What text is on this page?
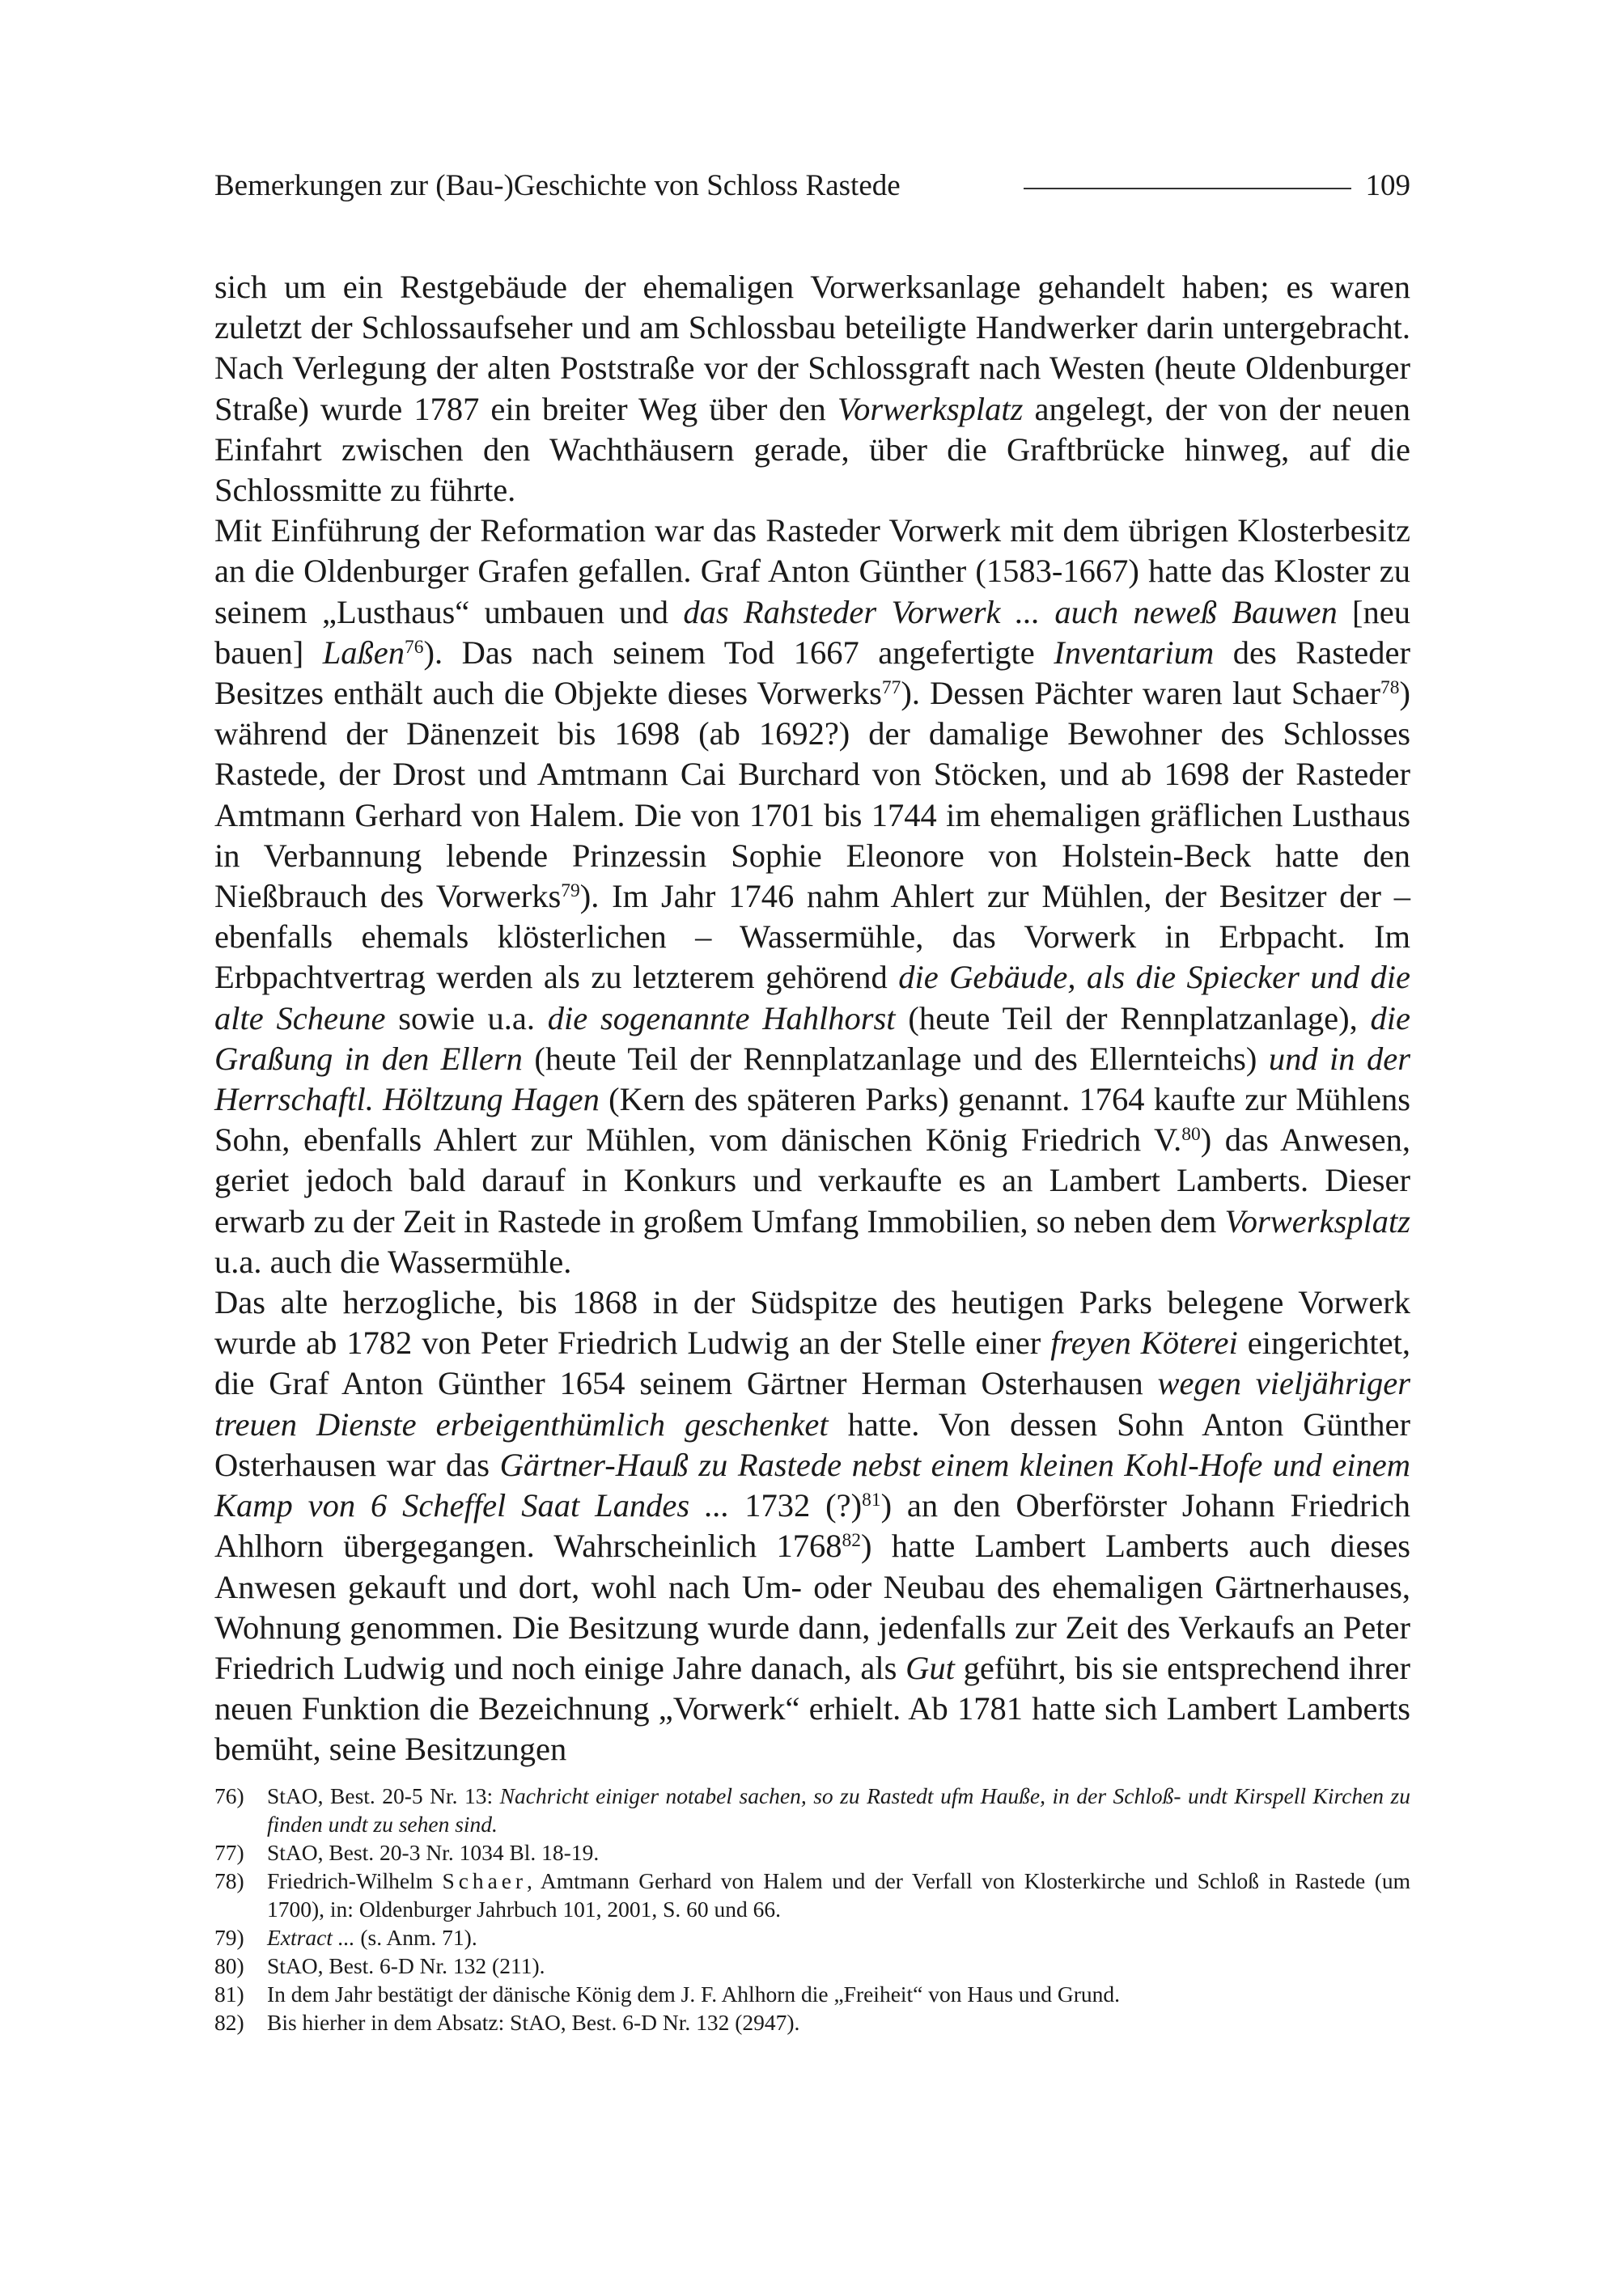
Bemerkungen zur (Bau-)Geschichte von Schloss Rastede	109

sich um ein Restgebäude der ehemaligen Vorwerksanlage gehandelt haben; es waren zuletzt der Schlossaufseher und am Schlossbau beteiligte Handwerker darin untergebracht. Nach Verlegung der alten Poststraße vor der Schlossgraft nach Westen (heute Oldenburger Straße) wurde 1787 ein breiter Weg über den Vorwerksplatz angelegt, der von der neuen Einfahrt zwischen den Wachthäusern gerade, über die Graftbrücke hinweg, auf die Schlossmitte zu führte.

Mit Einführung der Reformation war das Rasteder Vorwerk mit dem übrigen Klosterbesitz an die Oldenburger Grafen gefallen. Graf Anton Günther (1583-1667) hatte das Kloster zu seinem „Lusthaus“ umbauen und das Rahsteder Vorwerk ... auch neweß Bauwen [neu bauen] Laßen$^{76}$). Das nach seinem Tod 1667 angefertigte Inventarium des Rasteder Besitzes enthält auch die Objekte dieses Vorwerks$^{77}$). Dessen Pächter waren laut Schaer$^{78}$) während der Dänenzeit bis 1698 (ab 1692?) der damalige Bewohner des Schlosses Rastede, der Drost und Amtmann Cai Burchard von Stöcken, und ab 1698 der Rasteder Amtmann Gerhard von Halem. Die von 1701 bis 1744 im ehemaligen gräflichen Lusthaus in Verbannung lebende Prinzessin Sophie Eleonore von Holstein-Beck hatte den Nießbrauch des Vorwerks$^{79}$). Im Jahr 1746 nahm Ahlert zur Mühlen, der Besitzer der – ebenfalls ehemals klösterlichen – Wassermühle, das Vorwerk in Erbpacht. Im Erbpachtvertrag werden als zu letzterem gehörend die Gebäude, als die Spiecker und die alte Scheune sowie u.a. die sogenannte Hahlhorst (heute Teil der Rennplatzanlage), die Graßung in den Ellern (heute Teil der Rennplatzanlage und des Ellernteichs) und in der Herrschaftl. Höltzung Hagen (Kern des späteren Parks) genannt. 1764 kaufte zur Mühlens Sohn, ebenfalls Ahlert zur Mühlen, vom dänischen König Friedrich V.$^{80}$) das Anwesen, geriet jedoch bald darauf in Konkurs und verkaufte es an Lambert Lamberts. Dieser erwarb zu der Zeit in Rastede in großem Umfang Immobilien, so neben dem Vorwerksplatz u.a. auch die Wassermühle.

Das alte herzogliche, bis 1868 in der Südspitze des heutigen Parks belegene Vorwerk wurde ab 1782 von Peter Friedrich Ludwig an der Stelle einer freyen Köterei eingerichtet, die Graf Anton Günther 1654 seinem Gärtner Herman Osterhausen wegen vieljähriger treuen Dienste erbeigenthümlich geschenket hatte. Von dessen Sohn Anton Günther Osterhausen war das Gärtner-Hauß zu Rastede nebst einem kleinen Kohl-Hofe und einem Kamp von 6 Scheffel Saat Landes ... 1732 (?)$^{81}$) an den Oberförster Johann Friedrich Ahlhorn übergegangen. Wahrscheinlich 1768$^{82}$) hatte Lambert Lamberts auch dieses Anwesen gekauft und dort, wohl nach Um- oder Neubau des ehemaligen Gärtnerhauses, Wohnung genommen. Die Besitzung wurde dann, jedenfalls zur Zeit des Verkaufs an Peter Friedrich Ludwig und noch einige Jahre danach, als Gut geführt, bis sie entsprechend ihrer neuen Funktion die Bezeichnung „Vorwerk“ erhielt. Ab 1781 hatte sich Lambert Lamberts bemüht, seine Besitzungen

76) StAO, Best. 20-5 Nr. 13: Nachricht einiger notabel sachen, so zu Rastedt ufm Hauße, in der Schloß- undt Kirspell Kirchen zu finden undt zu sehen sind.
77) StAO, Best. 20-3 Nr. 1034 Bl. 18-19.
78) Friedrich-Wilhelm Schaer, Amtmann Gerhard von Halem und der Verfall von Klosterkirche und Schloß in Rastede (um 1700), in: Oldenburger Jahrbuch 101, 2001, S. 60 und 66.
79) Extract ... (s. Anm. 71).
80) StAO, Best. 6-D Nr. 132 (211).
81) In dem Jahr bestätigt der dänische König dem J. F. Ahlhorn die „Freiheit“ von Haus und Grund.
82) Bis hierher in dem Absatz: StAO, Best. 6-D Nr. 132 (2947).
